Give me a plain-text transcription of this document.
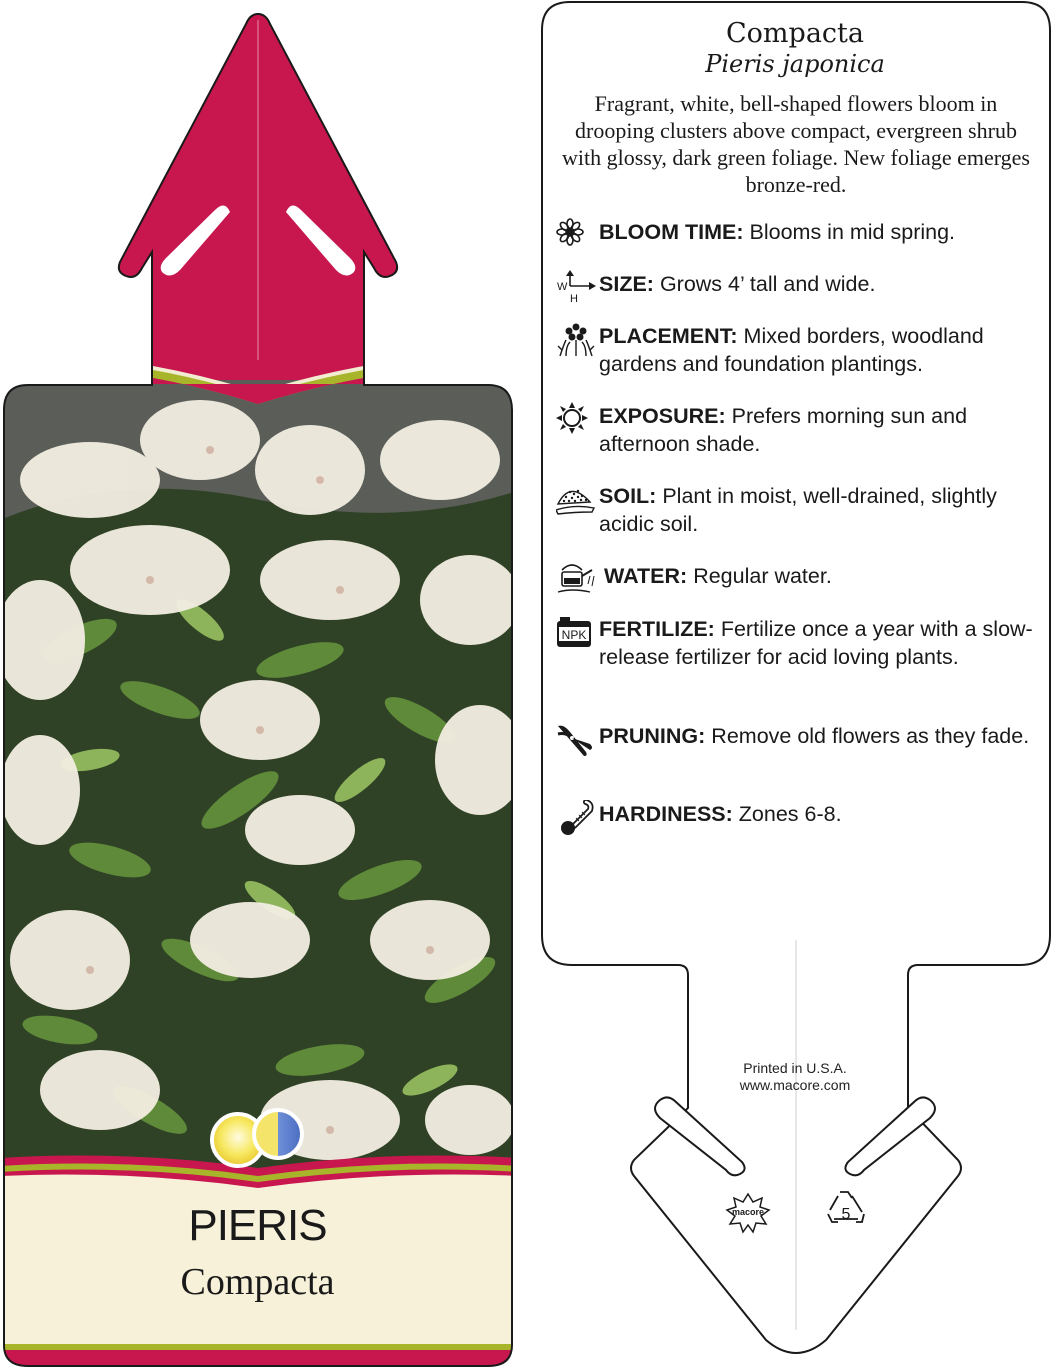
PIERIS
Compacta
macore	5
Compacta
Pieris japonica
Fragrant, white, bell-shaped flowers bloom in drooping clusters above compact, evergreen shrub with glossy, dark green foliage. New foliage emerges bronze-red.
BLOOM TIME: Blooms in mid spring.
W
H
SIZE: Grows 4’ tall and wide.
PLACEMENT: Mixed borders, woodland gardens and foundation plantings.
EXPOSURE: Prefers morning sun and afternoon shade.
SOIL: Plant in moist, well-drained, slightly acidic soil.
WATER: Regular water.
NPK FERTILIZE: Fertilize once a year with a slow-release fertilizer for acid loving plants.
PRUNING: Remove old flowers as they fade.
HARDINESS: Zones 6-8.
Printed in U.S.A.
www.macore.com
